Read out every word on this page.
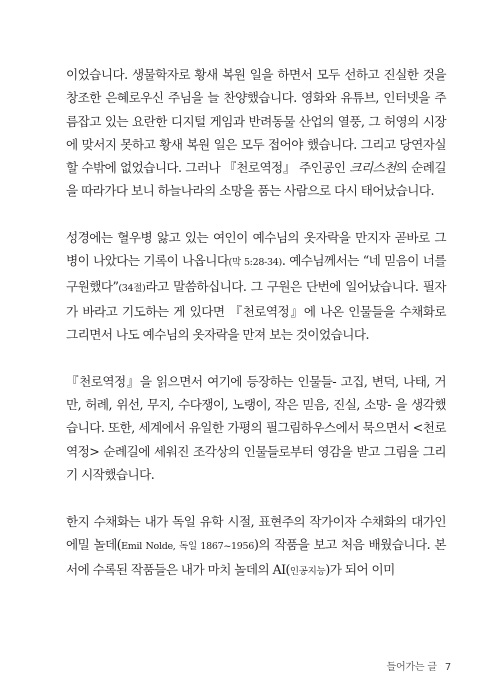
이었습니다. 생물학자로 황새 복원 일을 하면서 모두 선하고 진실한 것을 창조한 은혜로우신 주님을 늘 찬양했습니다. 영화와 유튜브, 인터넷을 주름잡고 있는 요란한 디지털 게임과 반려동물 산업의 열풍, 그 허영의 시장에 맞서지 못하고 황새 복원 일은 모두 접어야 했습니다. 그리고 당연자실할 수밖에 없었습니다. 그러나 『천로역정』 주인공인 크리스천의 순례길을 따라가다 보니 하늘나라의 소망을 품는 사람으로 다시 태어났습니다.

성경에는 혈우병 앓고 있는 여인이 예수님의 옷자락을 만지자 곧바로 그 병이 나았다는 기록이 나옵니다(막 5:28-34). 예수님께서는 “네 믿음이 너를 구원했다”(34절)라고 말씀하십니다. 그 구원은 단번에 일어났습니다. 필자가 바라고 기도하는 게 있다면 『천로역정』에 나온 인물들을 수채화로 그리면서 나도 예수님의 옷자락을 만져 보는 것이었습니다.

『천로역정』을 읽으면서 여기에 등장하는 인물들- 고집, 변덕, 나태, 거만, 허례, 위선, 무지, 수다쟁이, 노랭이, 작은 믿음, 진실, 소망- 을 생각했습니다. 또한, 세계에서 유일한 가평의 필그림하우스에서 묵으면서 <천로 역정> 순례길에 세워진 조각상의 인물들로부터 영감을 받고 그림을 그리기 시작했습니다.

한지 수채화는 내가 독일 유학 시절, 표현주의 작가이자 수채화의 대가인 에밀 놀데(Emil Nolde, 독일 1867~1956)의 작품을 보고 처음 배웠습니다. 본서에 수록된 작품들은 내가 마치 놀데의 AI(인공지능)가 되어 이미

들어가는 글 7
